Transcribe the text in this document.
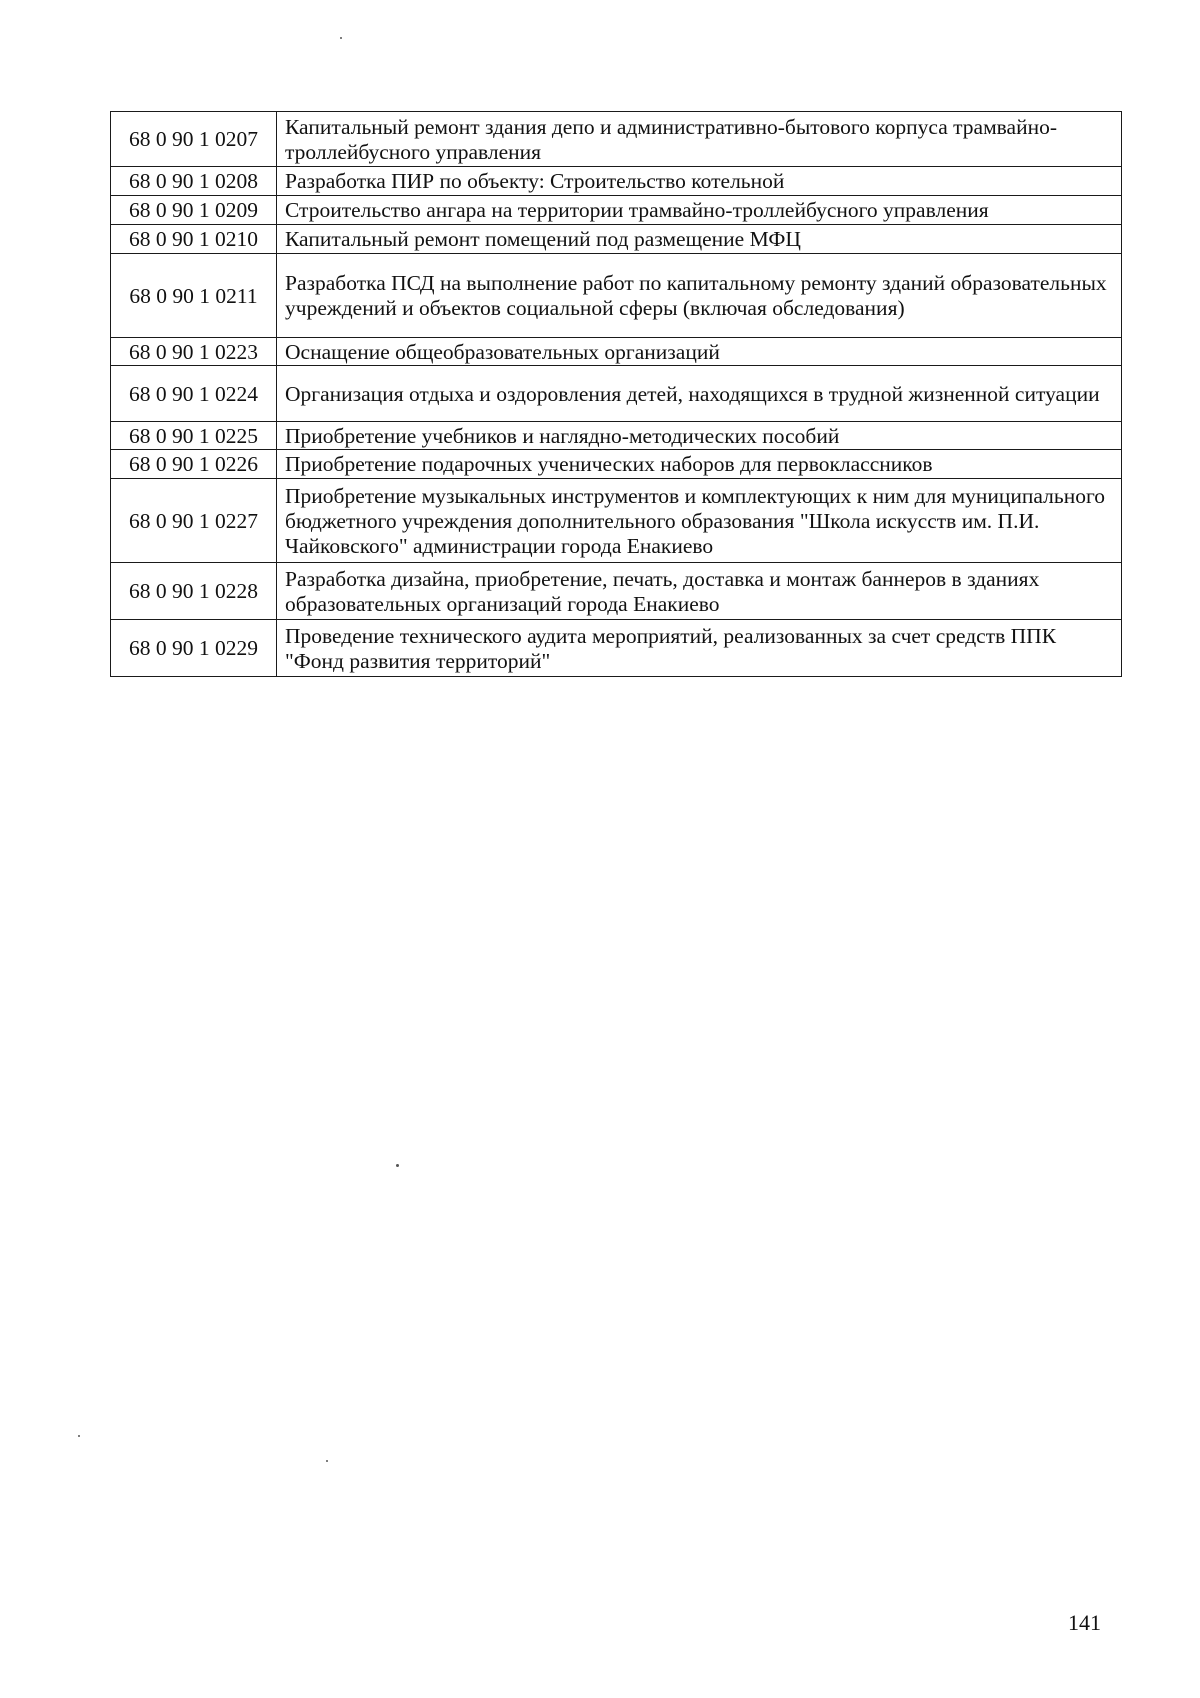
68 0 90 1 0207	Капитальный ремонт здания депо и административно-бытового корпуса трамвайно-троллейбусного управления
68 0 90 1 0208	Разработка ПИР по объекту: Строительство котельной
68 0 90 1 0209	Строительство ангара на территории трамвайно-троллейбусного управления
68 0 90 1 0210	Капитальный ремонт помещений под размещение МФЦ
68 0 90 1 0211	Разработка ПСД на выполнение работ по капитальному ремонту зданий образовательных учреждений и объектов социальной сферы (включая обследования)
68 0 90 1 0223	Оснащение общеобразовательных организаций
68 0 90 1 0224	Организация отдыха и оздоровления детей, находящихся в трудной жизненной ситуации
68 0 90 1 0225	Приобретение учебников и наглядно-методических пособий
68 0 90 1 0226	Приобретение подарочных ученических наборов для первоклассников
68 0 90 1 0227	Приобретение музыкальных инструментов и комплектующих к ним для муниципального бюджетного учреждения дополнительного образования "Школа искусств им. П.И. Чайковского" администрации города Енакиево
68 0 90 1 0228	Разработка дизайна, приобретение, печать, доставка и монтаж баннеров в зданиях образовательных организаций города Енакиево
68 0 90 1 0229	Проведение технического аудита мероприятий, реализованных за счет средств ППК "Фонд развития территорий"
141
